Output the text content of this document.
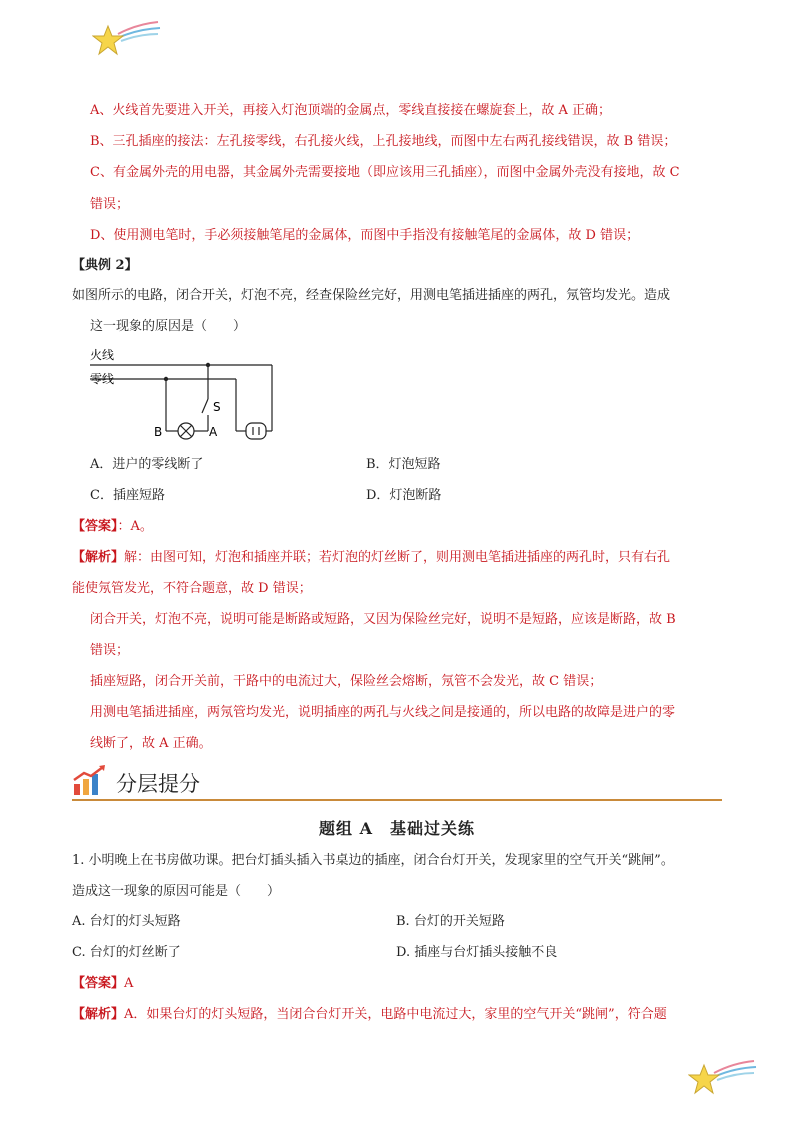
A、火线首先要进入开关，再接入灯泡顶端的金属点，零线直接接在螺旋套上，故 A 正确；
B、三孔插座的接法：左孔接零线，右孔接火线，上孔接地线，而图中左右两孔接线错误，故 B 错误；
C、有金属外壳的用电器，其金属外壳需要接地（即应该用三孔插座），而图中金属外壳没有接地，故 C
错误；
D、使用测电笔时，手必须接触笔尾的金属体，而图中手指没有接触笔尾的金属体，故 D 错误；
【典例 2】
如图所示的电路，闭合开关，灯泡不亮，经查保险丝完好，用测电笔插进插座的两孔，氖管均发光。造成
这一现象的原因是（　　）
火线
零线
S
B	A
A．进户的零线断了	B．灯泡短路
C．插座短路	D．灯泡断路
【答案】：A。
【解析】解：由图可知，灯泡和插座并联；若灯泡的灯丝断了，则用测电笔插进插座的两孔时，只有右孔
能使氖管发光，不符合题意，故 D 错误；
闭合开关，灯泡不亮，说明可能是断路或短路，又因为保险丝完好，说明不是短路，应该是断路，故 B
错误；
插座短路，闭合开关前，干路中的电流过大，保险丝会熔断，氖管不会发光，故 C 错误；
用测电笔插进插座，两氖管均发光，说明插座的两孔与火线之间是接通的，所以电路的故障是进户的零
线断了，故 A 正确。
分层提分
题组 A　基础过关练
1. 小明晚上在书房做功课。把台灯插头插入书桌边的插座，闭合台灯开关，发现家里的空气开关“跳闸”。
造成这一现象的原因可能是（　　）
A. 台灯的灯头短路	B. 台灯的开关短路
C. 台灯的灯丝断了	D. 插座与台灯插头接触不良
【答案】A
【解析】A．如果台灯的灯头短路，当闭合台灯开关，电路中电流过大，家里的空气开关“跳闸”，符合题
